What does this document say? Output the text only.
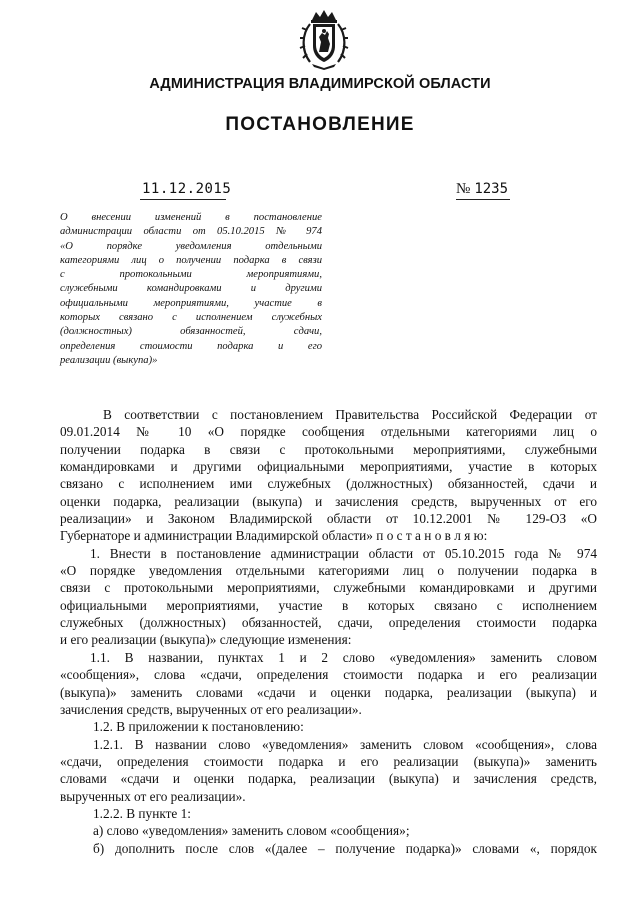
АДМИНИСТРАЦИЯ ВЛАДИМИРСКОЙ ОБЛАСТИ
ПОСТАНОВЛЕНИЕ
11.12.2015	№ 1235
О внесении изменений в постановление
администрации области от 05.10.2015 № 974
«О порядке уведомления отдельными
категориями лиц о получении подарка в связи
с протокольными мероприятиями,
служебными командировками и другими
официальными мероприятиями, участие в
которых связано с исполнением служебных
(должностных) обязанностей, сдачи,
определения стоимости подарка и его
реализации (выкупа)»
В соответствии с постановлением Правительства Российской Федерации от
09.01.2014 № 10 «О порядке сообщения отдельными категориями лиц о
получении подарка в связи с протокольными мероприятиями, служебными
командировками и другими официальными мероприятиями, участие в которых
связано с исполнением ими служебных (должностных) обязанностей, сдачи и
оценки подарка, реализации (выкупа) и зачисления средств, вырученных от его
реализации» и Законом Владимирской области от 10.12.2001 № 129-ОЗ «О
Губернаторе и администрации Владимирской области» п о с т а н о в л я ю:
1. Внести в постановление администрации области от 05.10.2015 года № 974
«О порядке уведомления отдельными категориями лиц о получении подарка в
связи с протокольными мероприятиями, служебными командировками и другими
официальными мероприятиями, участие в которых связано с исполнением
служебных (должностных) обязанностей, сдачи, определения стоимости подарка
и его реализации (выкупа)» следующие изменения:
1.1. В названии, пунктах 1 и 2 слово «уведомления» заменить словом
«сообщения», слова «сдачи, определения стоимости подарка и его реализации
(выкупа)» заменить словами «сдачи и оценки подарка, реализации (выкупа) и
зачисления средств, вырученных от его реализации».
1.2. В приложении к постановлению:
1.2.1. В названии слово «уведомления» заменить словом «сообщения», слова
«сдачи, определения стоимости подарка и его реализации (выкупа)» заменить
словами «сдачи и оценки подарка, реализации (выкупа) и зачисления средств,
вырученных от его реализации».
1.2.2. В пункте 1:
а) слово «уведомления» заменить словом «сообщения»;
б) дополнить после слов «(далее – получение подарка)» словами «, порядок
